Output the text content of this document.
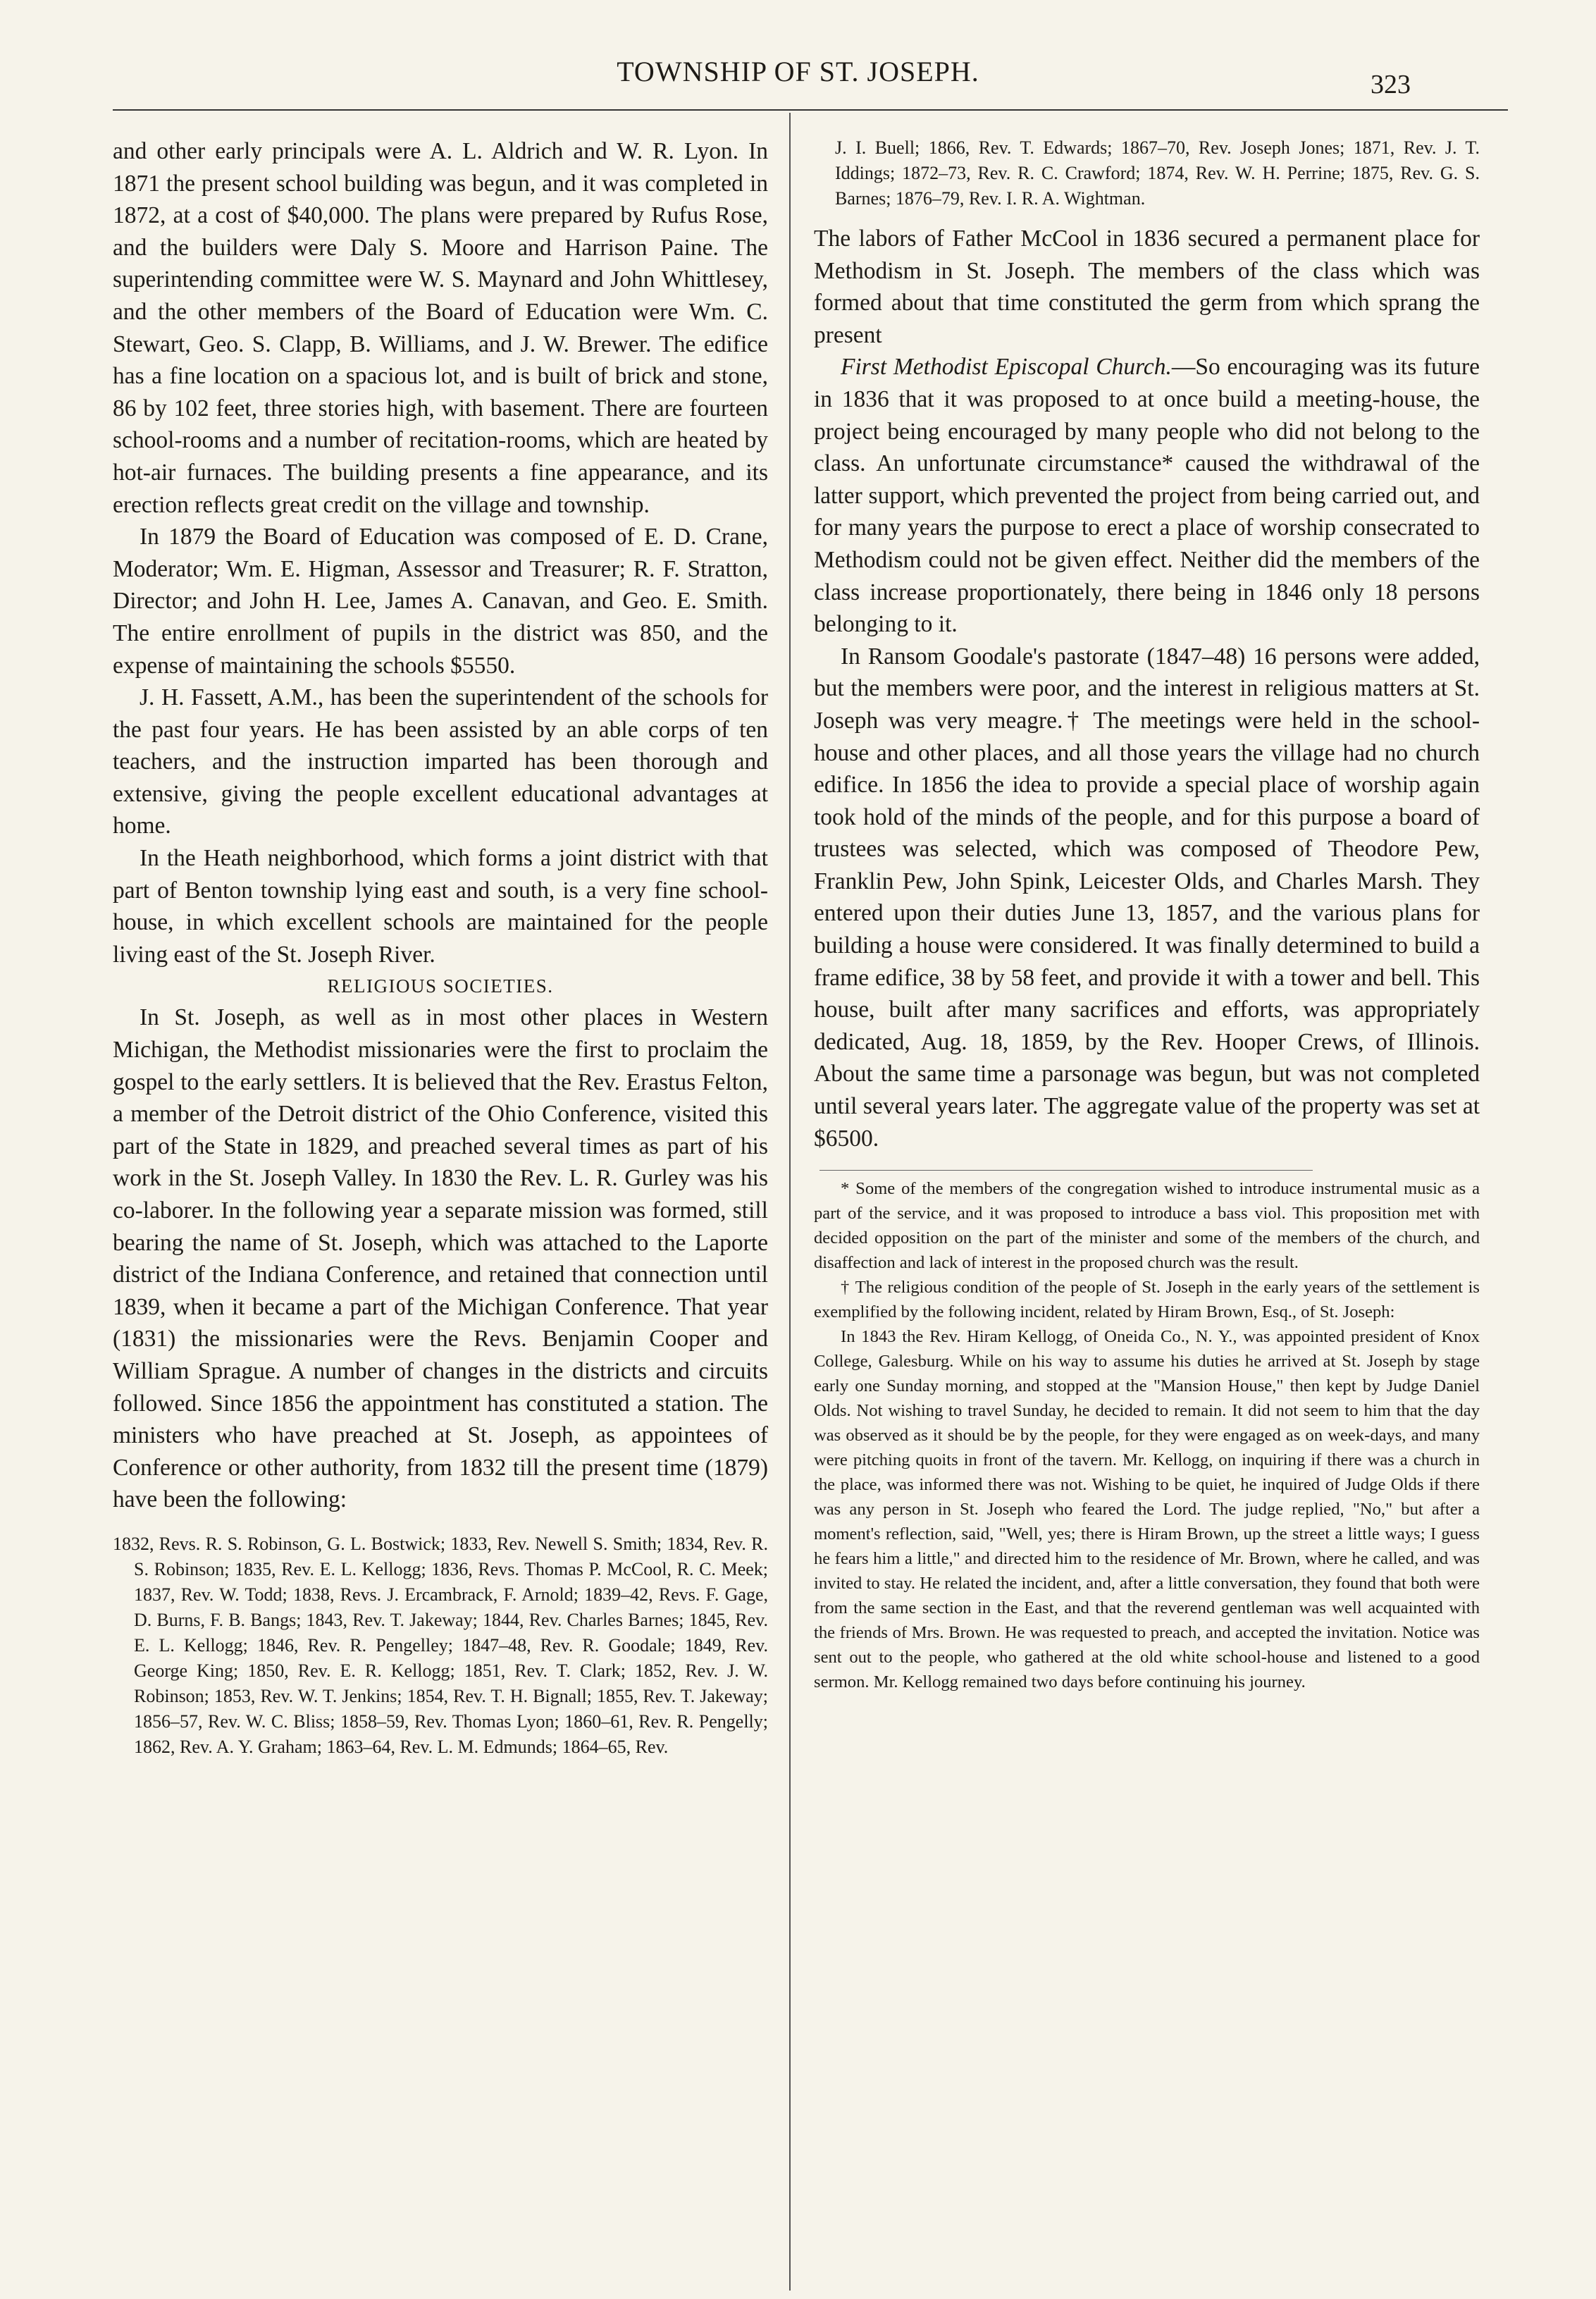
TOWNSHIP OF ST. JOSEPH.	323

and other early principals were A. L. Aldrich and W. R. Lyon. In 1871 the present school building was begun, and it was completed in 1872, at a cost of $40,000. The plans were prepared by Rufus Rose, and the builders were Daly S. Moore and Harrison Paine. The superintending committee were W. S. Maynard and John Whittlesey, and the other members of the Board of Education were Wm. C. Stewart, Geo. S. Clapp, B. Williams, and J. W. Brewer. The edifice has a fine location on a spacious lot, and is built of brick and stone, 86 by 102 feet, three stories high, with basement. There are fourteen school-rooms and a number of recitation-rooms, which are heated by hot-air furnaces. The building presents a fine appearance, and its erection reflects great credit on the village and township.

In 1879 the Board of Education was composed of E. D. Crane, Moderator; Wm. E. Higman, Assessor and Treasurer; R. F. Stratton, Director; and John H. Lee, James A. Canavan, and Geo. E. Smith. The entire enrollment of pupils in the district was 850, and the expense of maintaining the schools $5550.

J. H. Fassett, A.M., has been the superintendent of the schools for the past four years. He has been assisted by an able corps of ten teachers, and the instruction imparted has been thorough and extensive, giving the people excellent educational advantages at home.

In the Heath neighborhood, which forms a joint district with that part of Benton township lying east and south, is a very fine school-house, in which excellent schools are maintained for the people living east of the St. Joseph River.

RELIGIOUS SOCIETIES.

In St. Joseph, as well as in most other places in Western Michigan, the Methodist missionaries were the first to proclaim the gospel to the early settlers. It is believed that the Rev. Erastus Felton, a member of the Detroit district of the Ohio Conference, visited this part of the State in 1829, and preached several times as part of his work in the St. Joseph Valley. In 1830 the Rev. L. R. Gurley was his co-laborer. In the following year a separate mission was formed, still bearing the name of St. Joseph, which was attached to the Laporte district of the Indiana Conference, and retained that connection until 1839, when it became a part of the Michigan Conference. That year (1831) the missionaries were the Revs. Benjamin Cooper and William Sprague. A number of changes in the districts and circuits followed. Since 1856 the appointment has constituted a station. The ministers who have preached at St. Joseph, as appointees of Conference or other authority, from 1832 till the present time (1879) have been the following:

1832, Revs. R. S. Robinson, G. L. Bostwick; 1833, Rev. Newell S. Smith; 1834, Rev. R. S. Robinson; 1835, Rev. E. L. Kellogg; 1836, Revs. Thomas P. McCool, R. C. Meek; 1837, Rev. W. Todd; 1838, Revs. J. Ercambrack, F. Arnold; 1839–42, Revs. F. Gage, D. Burns, F. B. Bangs; 1843, Rev. T. Jakeway; 1844, Rev. Charles Barnes; 1845, Rev. E. L. Kellogg; 1846, Rev. R. Pengelley; 1847–48, Rev. R. Goodale; 1849, Rev. George King; 1850, Rev. E. R. Kellogg; 1851, Rev. T. Clark; 1852, Rev. J. W. Robinson; 1853, Rev. W. T. Jenkins; 1854, Rev. T. H. Bignall; 1855, Rev. T. Jakeway; 1856–57, Rev. W. C. Bliss; 1858–59, Rev. Thomas Lyon; 1860–61, Rev. R. Pengelly; 1862, Rev. A. Y. Graham; 1863–64, Rev. L. M. Edmunds; 1864–65, Rev.
J. I. Buell; 1866, Rev. T. Edwards; 1867–70, Rev. Joseph Jones; 1871, Rev. J. T. Iddings; 1872–73, Rev. R. C. Crawford; 1874, Rev. W. H. Perrine; 1875, Rev. G. S. Barnes; 1876–79, Rev. I. R. A. Wightman.

The labors of Father McCool in 1836 secured a permanent place for Methodism in St. Joseph. The members of the class which was formed about that time constituted the germ from which sprang the present

First Methodist Episcopal Church.—So encouraging was its future in 1836 that it was proposed to at once build a meeting-house, the project being encouraged by many people who did not belong to the class. An unfortunate circumstance* caused the withdrawal of the latter support, which prevented the project from being carried out, and for many years the purpose to erect a place of worship consecrated to Methodism could not be given effect. Neither did the members of the class increase proportionately, there being in 1846 only 18 persons belonging to it.

In Ransom Goodale's pastorate (1847–48) 16 persons were added, but the members were poor, and the interest in religious matters at St. Joseph was very meagre.† The meetings were held in the school-house and other places, and all those years the village had no church edifice. In 1856 the idea to provide a special place of worship again took hold of the minds of the people, and for this purpose a board of trustees was selected, which was composed of Theodore Pew, Franklin Pew, John Spink, Leicester Olds, and Charles Marsh. They entered upon their duties June 13, 1857, and the various plans for building a house were considered. It was finally determined to build a frame edifice, 38 by 58 feet, and provide it with a tower and bell. This house, built after many sacrifices and efforts, was appropriately dedicated, Aug. 18, 1859, by the Rev. Hooper Crews, of Illinois. About the same time a parsonage was begun, but was not completed until several years later. The aggregate value of the property was set at $6500.

* Some of the members of the congregation wished to introduce instrumental music as a part of the service, and it was proposed to introduce a bass viol. This proposition met with decided opposition on the part of the minister and some of the members of the church, and disaffection and lack of interest in the proposed church was the result.

† The religious condition of the people of St. Joseph in the early years of the settlement is exemplified by the following incident, related by Hiram Brown, Esq., of St. Joseph:

In 1843 the Rev. Hiram Kellogg, of Oneida Co., N. Y., was appointed president of Knox College, Galesburg. While on his way to assume his duties he arrived at St. Joseph by stage early one Sunday morning, and stopped at the "Mansion House," then kept by Judge Daniel Olds. Not wishing to travel Sunday, he decided to remain. It did not seem to him that the day was observed as it should be by the people, for they were engaged as on week-days, and many were pitching quoits in front of the tavern. Mr. Kellogg, on inquiring if there was a church in the place, was informed there was not. Wishing to be quiet, he inquired of Judge Olds if there was any person in St. Joseph who feared the Lord. The judge replied, "No," but after a moment's reflection, said, "Well, yes; there is Hiram Brown, up the street a little ways; I guess he fears him a little," and directed him to the residence of Mr. Brown, where he called, and was invited to stay. He related the incident, and, after a little conversation, they found that both were from the same section in the East, and that the reverend gentleman was well acquainted with the friends of Mrs. Brown. He was requested to preach, and accepted the invitation. Notice was sent out to the people, who gathered at the old white school-house and listened to a good sermon. Mr. Kellogg remained two days before continuing his journey.
